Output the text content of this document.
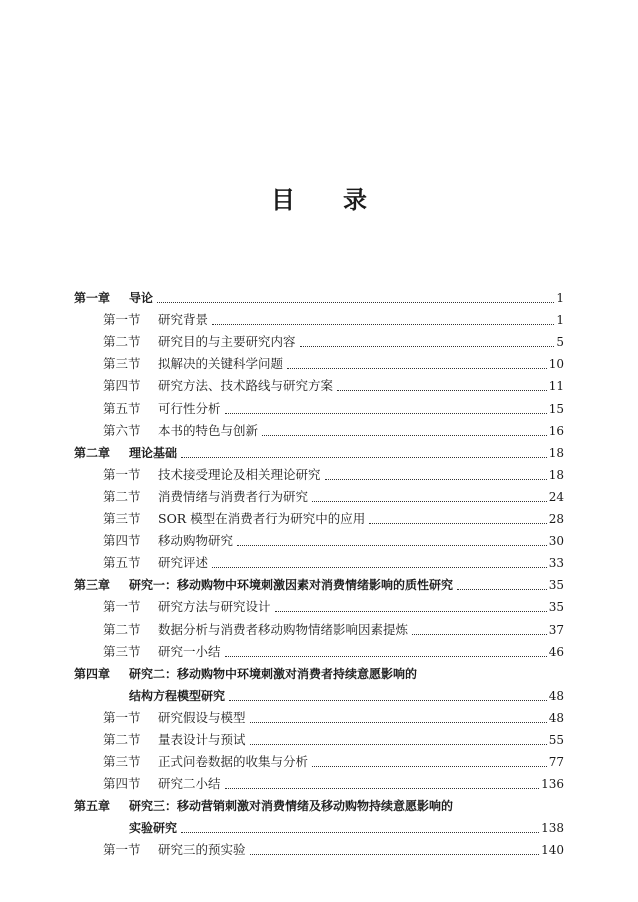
目 录
第一章	导论	1
第一节	研究背景	1
第二节	研究目的与主要研究内容	5
第三节	拟解决的关键科学问题	10
第四节	研究方法、技术路线与研究方案	11
第五节	可行性分析	15
第六节	本书的特色与创新	16
第二章	理论基础	18
第一节	技术接受理论及相关理论研究	18
第二节	消费情绪与消费者行为研究	24
第三节	SOR 模型在消费者行为研究中的应用	28
第四节	移动购物研究	30
第五节	研究评述	33
第三章	研究一：移动购物中环境刺激因素对消费情绪影响的质性研究	35
第一节	研究方法与研究设计	35
第二节	数据分析与消费者移动购物情绪影响因素提炼	37
第三节	研究一小结	46
第四章	研究二：移动购物中环境刺激对消费者持续意愿影响的
结构方程模型研究	48
第一节	研究假设与模型	48
第二节	量表设计与预试	55
第三节	正式问卷数据的收集与分析	77
第四节	研究二小结	136
第五章	研究三：移动营销刺激对消费情绪及移动购物持续意愿影响的
实验研究	138
第一节	研究三的预实验	140
